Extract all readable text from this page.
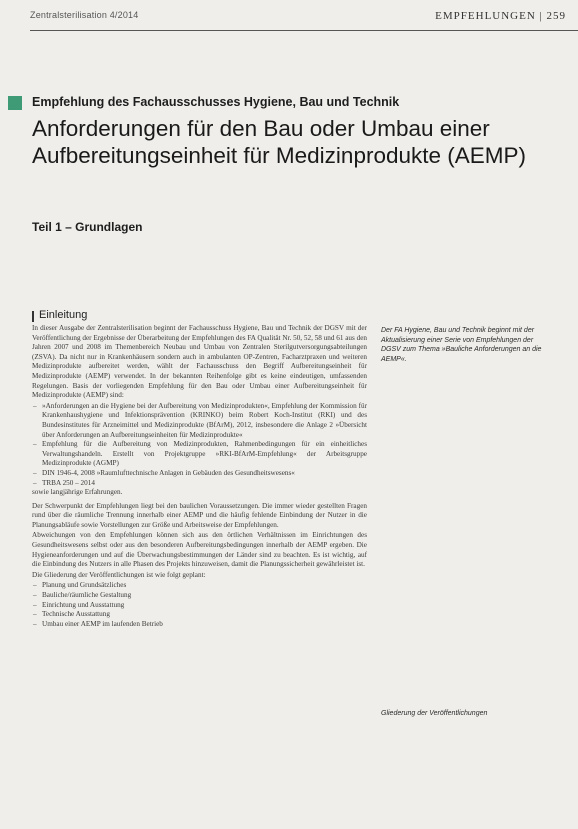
Zentralsterilisation 4/2014	EMPFEHLUNGEN | 259
Empfehlung des Fachausschusses Hygiene, Bau und Technik
Anforderungen für den Bau oder Umbau einer Aufbereitungseinheit für Medizinprodukte (AEMP)
Teil 1 – Grundlagen
Einleitung

In dieser Ausgabe der Zentralsterilisation beginnt der Fachausschuss Hygiene, Bau und Technik der DGSV mit der Veröffentlichung der Ergebnisse der Überarbeitung der Empfehlungen des FA Qualität Nr. 50, 52, 58 und 61 aus den Jahren 2007 und 2008 im Themenbereich Neubau und Umbau von Zentralen Sterilgutversorgungsabteilungen (ZSVA). Da nicht nur in Krankenhäusern sondern auch in ambulanten OP-Zentren, Facharztpraxen und weiteren Medizinprodukte aufbereitet werden, wählt der Fachausschuss den Begriff Aufbereitungseinheit für Medizinprodukte (AEMP) verwendet. In der bekannten Reihenfolge gibt es keine eindeutigen, umfassenden Regelungen. Basis der vorliegenden Empfehlung für den Bau oder Umbau einer Aufbereitungseinheit für Medizinprodukte (AEMP) sind:

– »Anforderungen an die Hygiene bei der Aufbereitung von Medizinprodukten«, Empfehlung der Kommission für Krankenhaushygiene und Infektionsprävention (KRINKO) beim Robert Koch-Institut (RKI) und des Bundesinstitutes für Arzneimittel und Medizinprodukte (BfArM), 2012, insbesondere die Anlage 2 »Übersicht über Anforderungen an Aufbereitungseinheiten für Medizinprodukte«
– Empfehlung für die Aufbereitung von Medizinprodukten, Rahmenbedingungen für ein einheitliches Verwaltungshandeln. Erstellt von Projektgruppe »RKI-BfArM-Empfehlung« der Arbeitsgruppe Medizinprodukte (AGMP)
– DIN 1946-4, 2008 »Raumlufttechnische Anlagen in Gebäuden des Gesundheitswesens«
– TRBA 250 – 2014

sowie langjährige Erfahrungen.

Der Schwerpunkt der Empfehlungen liegt bei den baulichen Voraussetzungen. Die immer wieder gestellten Fragen rund über die räumliche Trennung innerhalb einer AEMP und die häufig fehlende Einbindung der Nutzer in die Planungsabläufe sowie Vorstellungen zur Größe und Arbeitsweise der Empfehlungen.

Abweichungen von den Empfehlungen können sich aus den örtlichen Verhältnissen im Einrichtungen des Gesundheitswesens selbst oder aus den besonderen Aufbereitungsbedingungen innerhalb der AEMP ergeben. Die Hygieneanforderungen und auf die Überwachungsbestimmungen der Länder sind zu beachten. Es ist wichtig, auf die Einbindung des Nutzers in alle Phasen des Projekts hinzuweisen, damit die Planungssicherheit gewährleistet ist.

Die Gliederung der Veröffentlichungen ist wie folgt geplant:

– Planung und Grundsätzliches
– Bauliche/räumliche Gestaltung
– Einrichtung und Ausstattung
– Technische Ausstattung
– Umbau einer AEMP im laufenden Betrieb
Der FA Hygiene, Bau und Technik beginnt mit der Aktualisierung einer Serie von Empfehlungen der DGSV zum Thema »Bauliche Anforderungen an die AEMP«.
Gliederung der Veröffentlichungen
